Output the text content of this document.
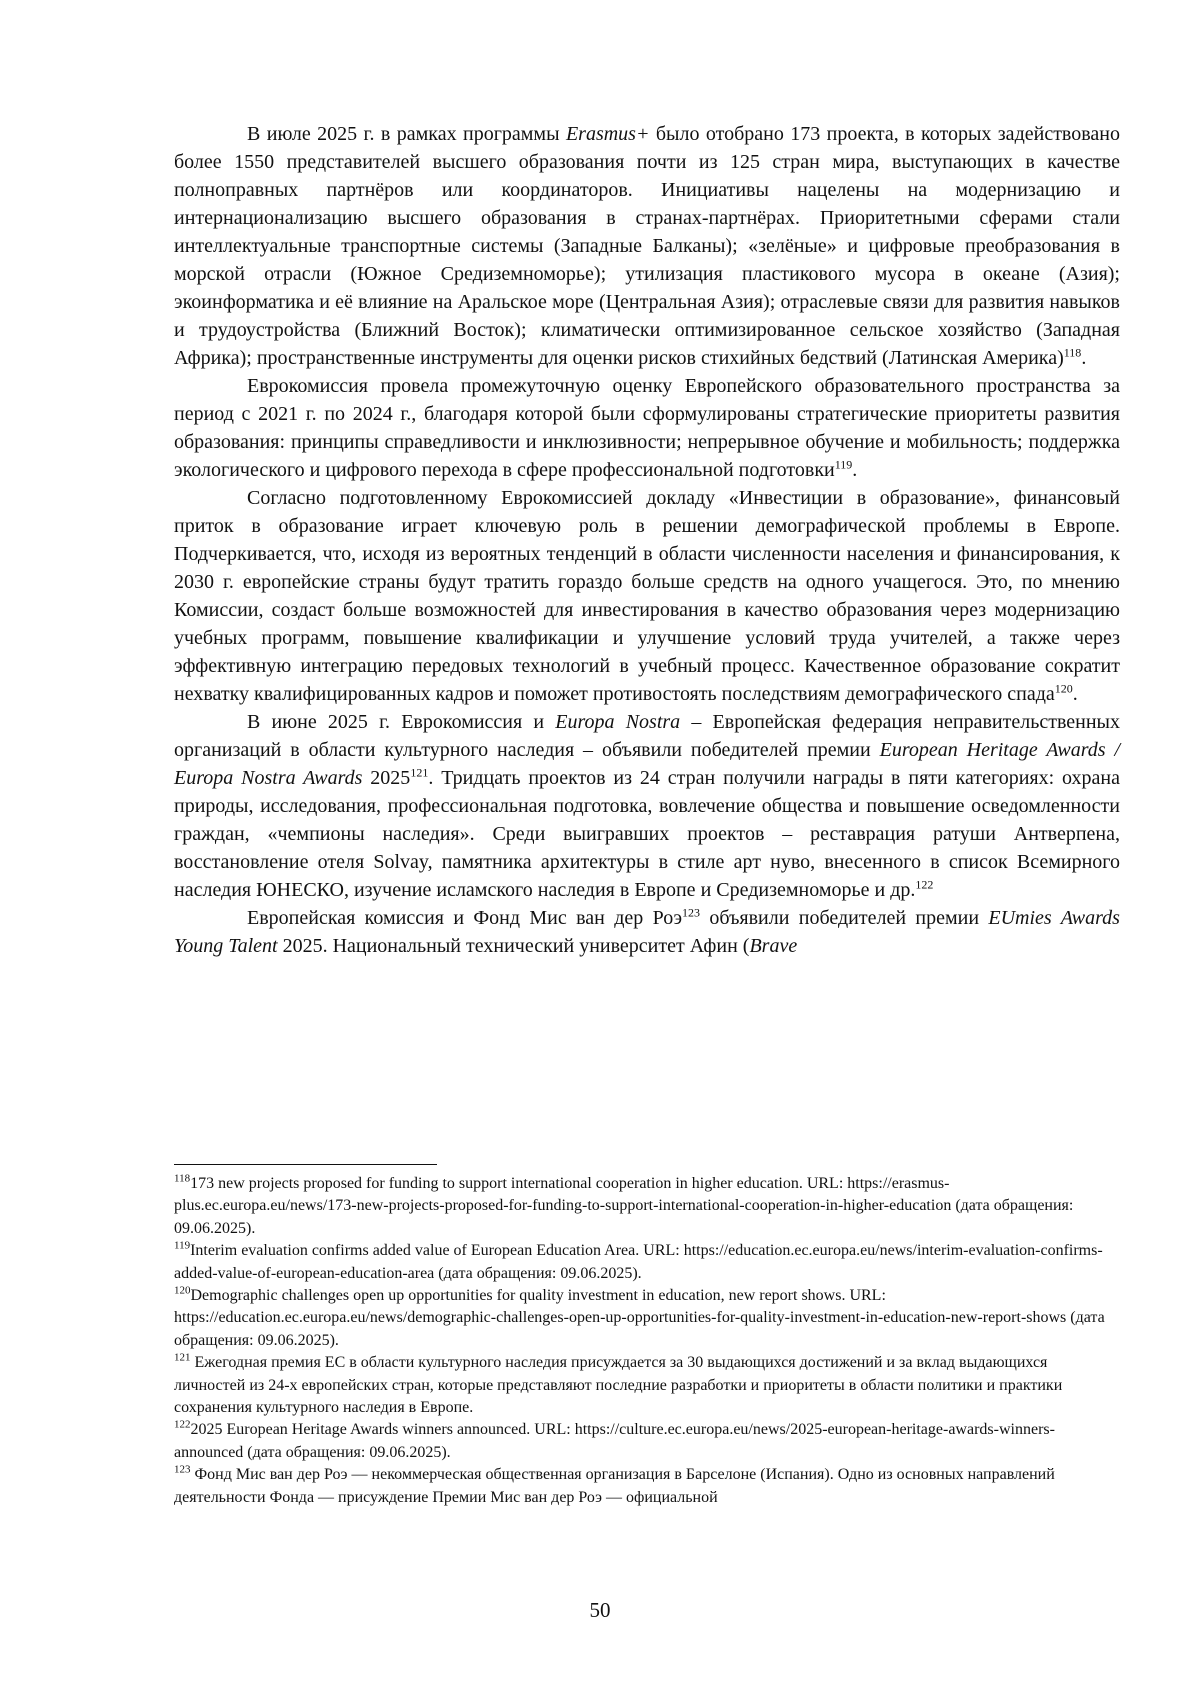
В июле 2025 г. в рамках программы Erasmus+ было отобрано 173 проекта, в которых задействовано более 1550 представителей высшего образования почти из 125 стран мира, выступающих в качестве полноправных партнёров или координаторов. Инициативы нацелены на модернизацию и интернационализацию высшего образования в странах-партнёрах. Приоритетными сферами стали интеллектуальные транспортные системы (Западные Балканы); «зелёные» и цифровые преобразования в морской отрасли (Южное Средиземноморье); утилизация пластикового мусора в океане (Азия); экоинформатика и её влияние на Аральское море (Центральная Азия); отраслевые связи для развития навыков и трудоустройства (Ближний Восток); климатически оптимизированное сельское хозяйство (Западная Африка); пространственные инструменты для оценки рисков стихийных бедствий (Латинская Америка)$^{118}$.

Еврокомиссия провела промежуточную оценку Европейского образовательного пространства за период с 2021 г. по 2024 г., благодаря которой были сформулированы стратегические приоритеты развития образования: принципы справедливости и инклюзивности; непрерывное обучение и мобильность; поддержка экологического и цифрового перехода в сфере профессиональной подготовки$^{119}$.

Согласно подготовленному Еврокомиссией докладу «Инвестиции в образование», финансовый приток в образование играет ключевую роль в решении демографической проблемы в Европе. Подчеркивается, что, исходя из вероятных тенденций в области численности населения и финансирования, к 2030 г. европейские страны будут тратить гораздо больше средств на одного учащегося. Это, по мнению Комиссии, создаст больше возможностей для инвестирования в качество образования через модернизацию учебных программ, повышение квалификации и улучшение условий труда учителей, а также через эффективную интеграцию передовых технологий в учебный процесс. Качественное образование сократит нехватку квалифицированных кадров и поможет противостоять последствиям демографического спада$^{120}$.

В июне 2025 г. Еврокомиссия и Europa Nostra – Европейская федерация неправительственных организаций в области культурного наследия – объявили победителей премии European Heritage Awards / Europa Nostra Awards 2025$^{121}$. Тридцать проектов из 24 стран получили награды в пяти категориях: охрана природы, исследования, профессиональная подготовка, вовлечение общества и повышение осведомленности граждан, «чемпионы наследия». Среди выигравших проектов – реставрация ратуши Антверпена, восстановление отеля Solvay, памятника архитектуры в стиле арт нуво, внесенного в список Всемирного наследия ЮНЕСКО, изучение исламского наследия в Европе и Средиземноморье и др.$^{122}$

Европейская комиссия и Фонд Мис ван дер Роэ$^{123}$ объявили победителей премии EUmies Awards Young Talent 2025. Национальный технический университет Афин (Brave

$^{118}$173 new projects proposed for funding to support international cooperation in higher education. URL: https://erasmus-plus.ec.europa.eu/news/173-new-projects-proposed-for-funding-to-support-international-cooperation-in-higher-education (дата обращения: 09.06.2025).

$^{119}$Interim evaluation confirms added value of European Education Area. URL: https://education.ec.europa.eu/news/interim-evaluation-confirms-added-value-of-european-education-area (дата обращения: 09.06.2025).

$^{120}$Demographic challenges open up opportunities for quality investment in education, new report shows. URL: https://education.ec.europa.eu/news/demographic-challenges-open-up-opportunities-for-quality-investment-in-education-new-report-shows (дата обращения: 09.06.2025).

$^{121}$ Ежегодная премия ЕС в области культурного наследия присуждается за 30 выдающихся достижений и за вклад выдающихся личностей из 24-х европейских стран, которые представляют последние разработки и приоритеты в области политики и практики сохранения культурного наследия в Европе.

$^{122}$2025 European Heritage Awards winners announced. URL: https://culture.ec.europa.eu/news/2025-european-heritage-awards-winners-announced (дата обращения: 09.06.2025).

$^{123}$ Фонд Мис ван дер Роэ — некоммерческая общественная организация в Барселоне (Испания). Одно из основных направлений деятельности Фонда — присуждение Премии Мис ван дер Роэ — официальной

50
